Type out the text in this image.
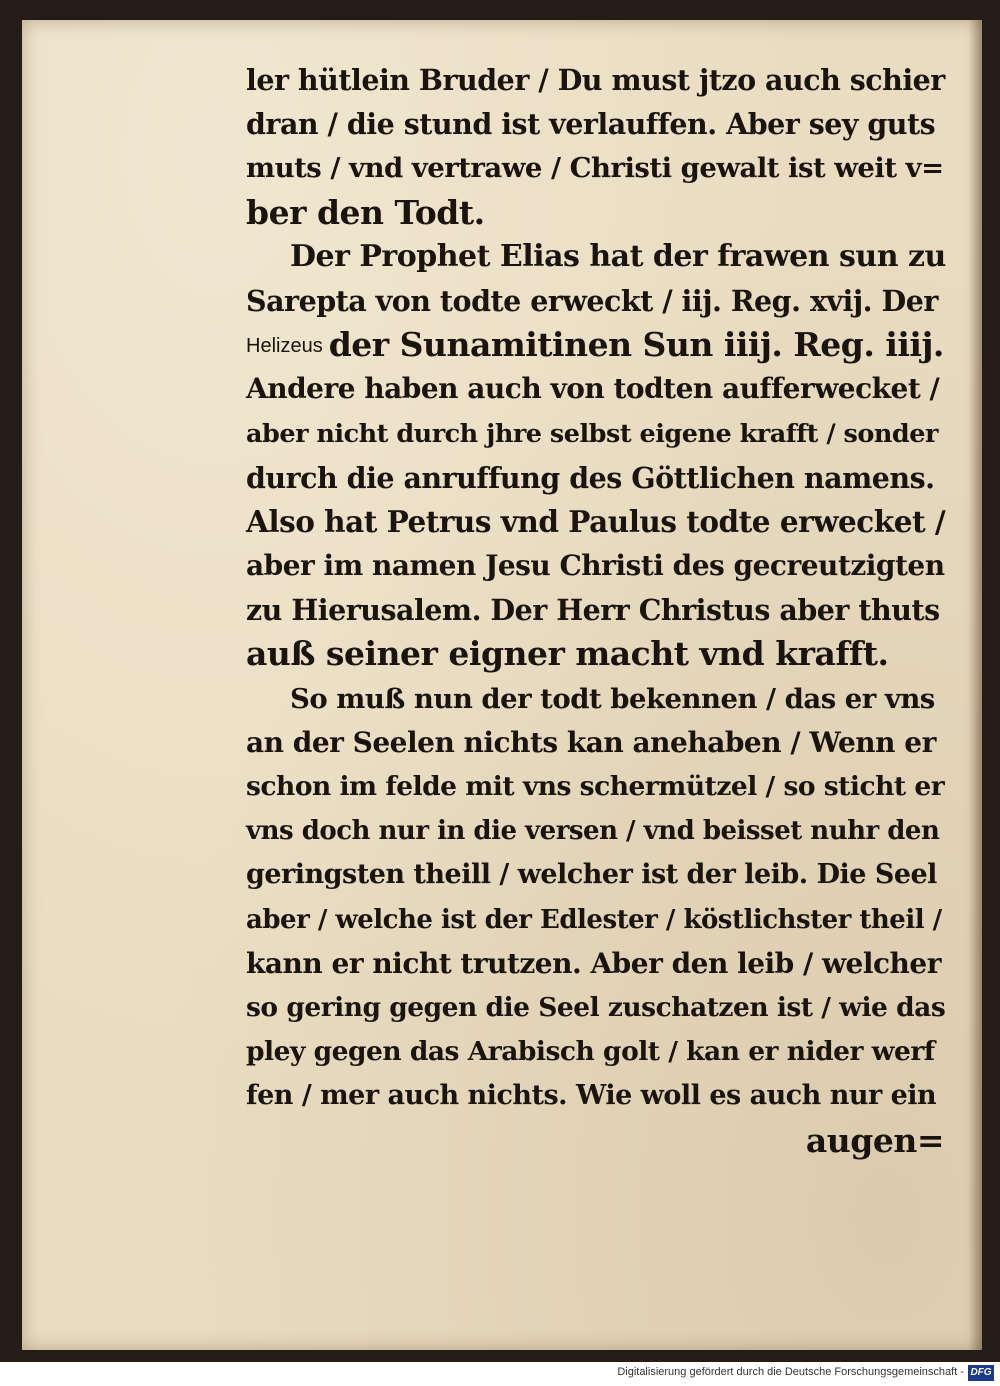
ler hütlein Bruder / Du must jtzo auch schier
dran / die stund ist verlauffen. Aber sey guts
muts / vnd vertrawe / Christi gewalt ist weit v=
ber den Todt.
Der Prophet Elias hat der frawen sun zu
Sarepta von todte erweckt / iij. Reg. xvij. Der
Helizeus der Sunamitinen Sun iiij. Reg. iiij.
Andere haben auch von todten aufferwecket /
aber nicht durch jhre selbst eigene krafft / sonder
durch die anruffung des Göttlichen namens.
Also hat Petrus vnd Paulus todte erwecket /
aber im namen Jesu Christi des gecreutzigten
zu Hierusalem. Der Herr Christus aber thuts
auß seiner eigner macht vnd krafft.
So muß nun der todt bekennen / das er vns
an der Seelen nichts kan anehaben / Wenn er
schon im felde mit vns schermützel / so sticht er
vns doch nur in die versen / vnd beisset nuhr den
geringsten theill / welcher ist der leib. Die Seel
aber / welche ist der Edlester / köstlichster theil /
kann er nicht trutzen. Aber den leib / welcher
so gering gegen die Seel zuschatzen ist / wie das
pley gegen das Arabisch golt / kan er nider werf
fen / mer auch nichts. Wie woll es auch nur ein
augen=
Digitalisierung gefördert durch die Deutsche Forschungsgemeinschaft - DFG
